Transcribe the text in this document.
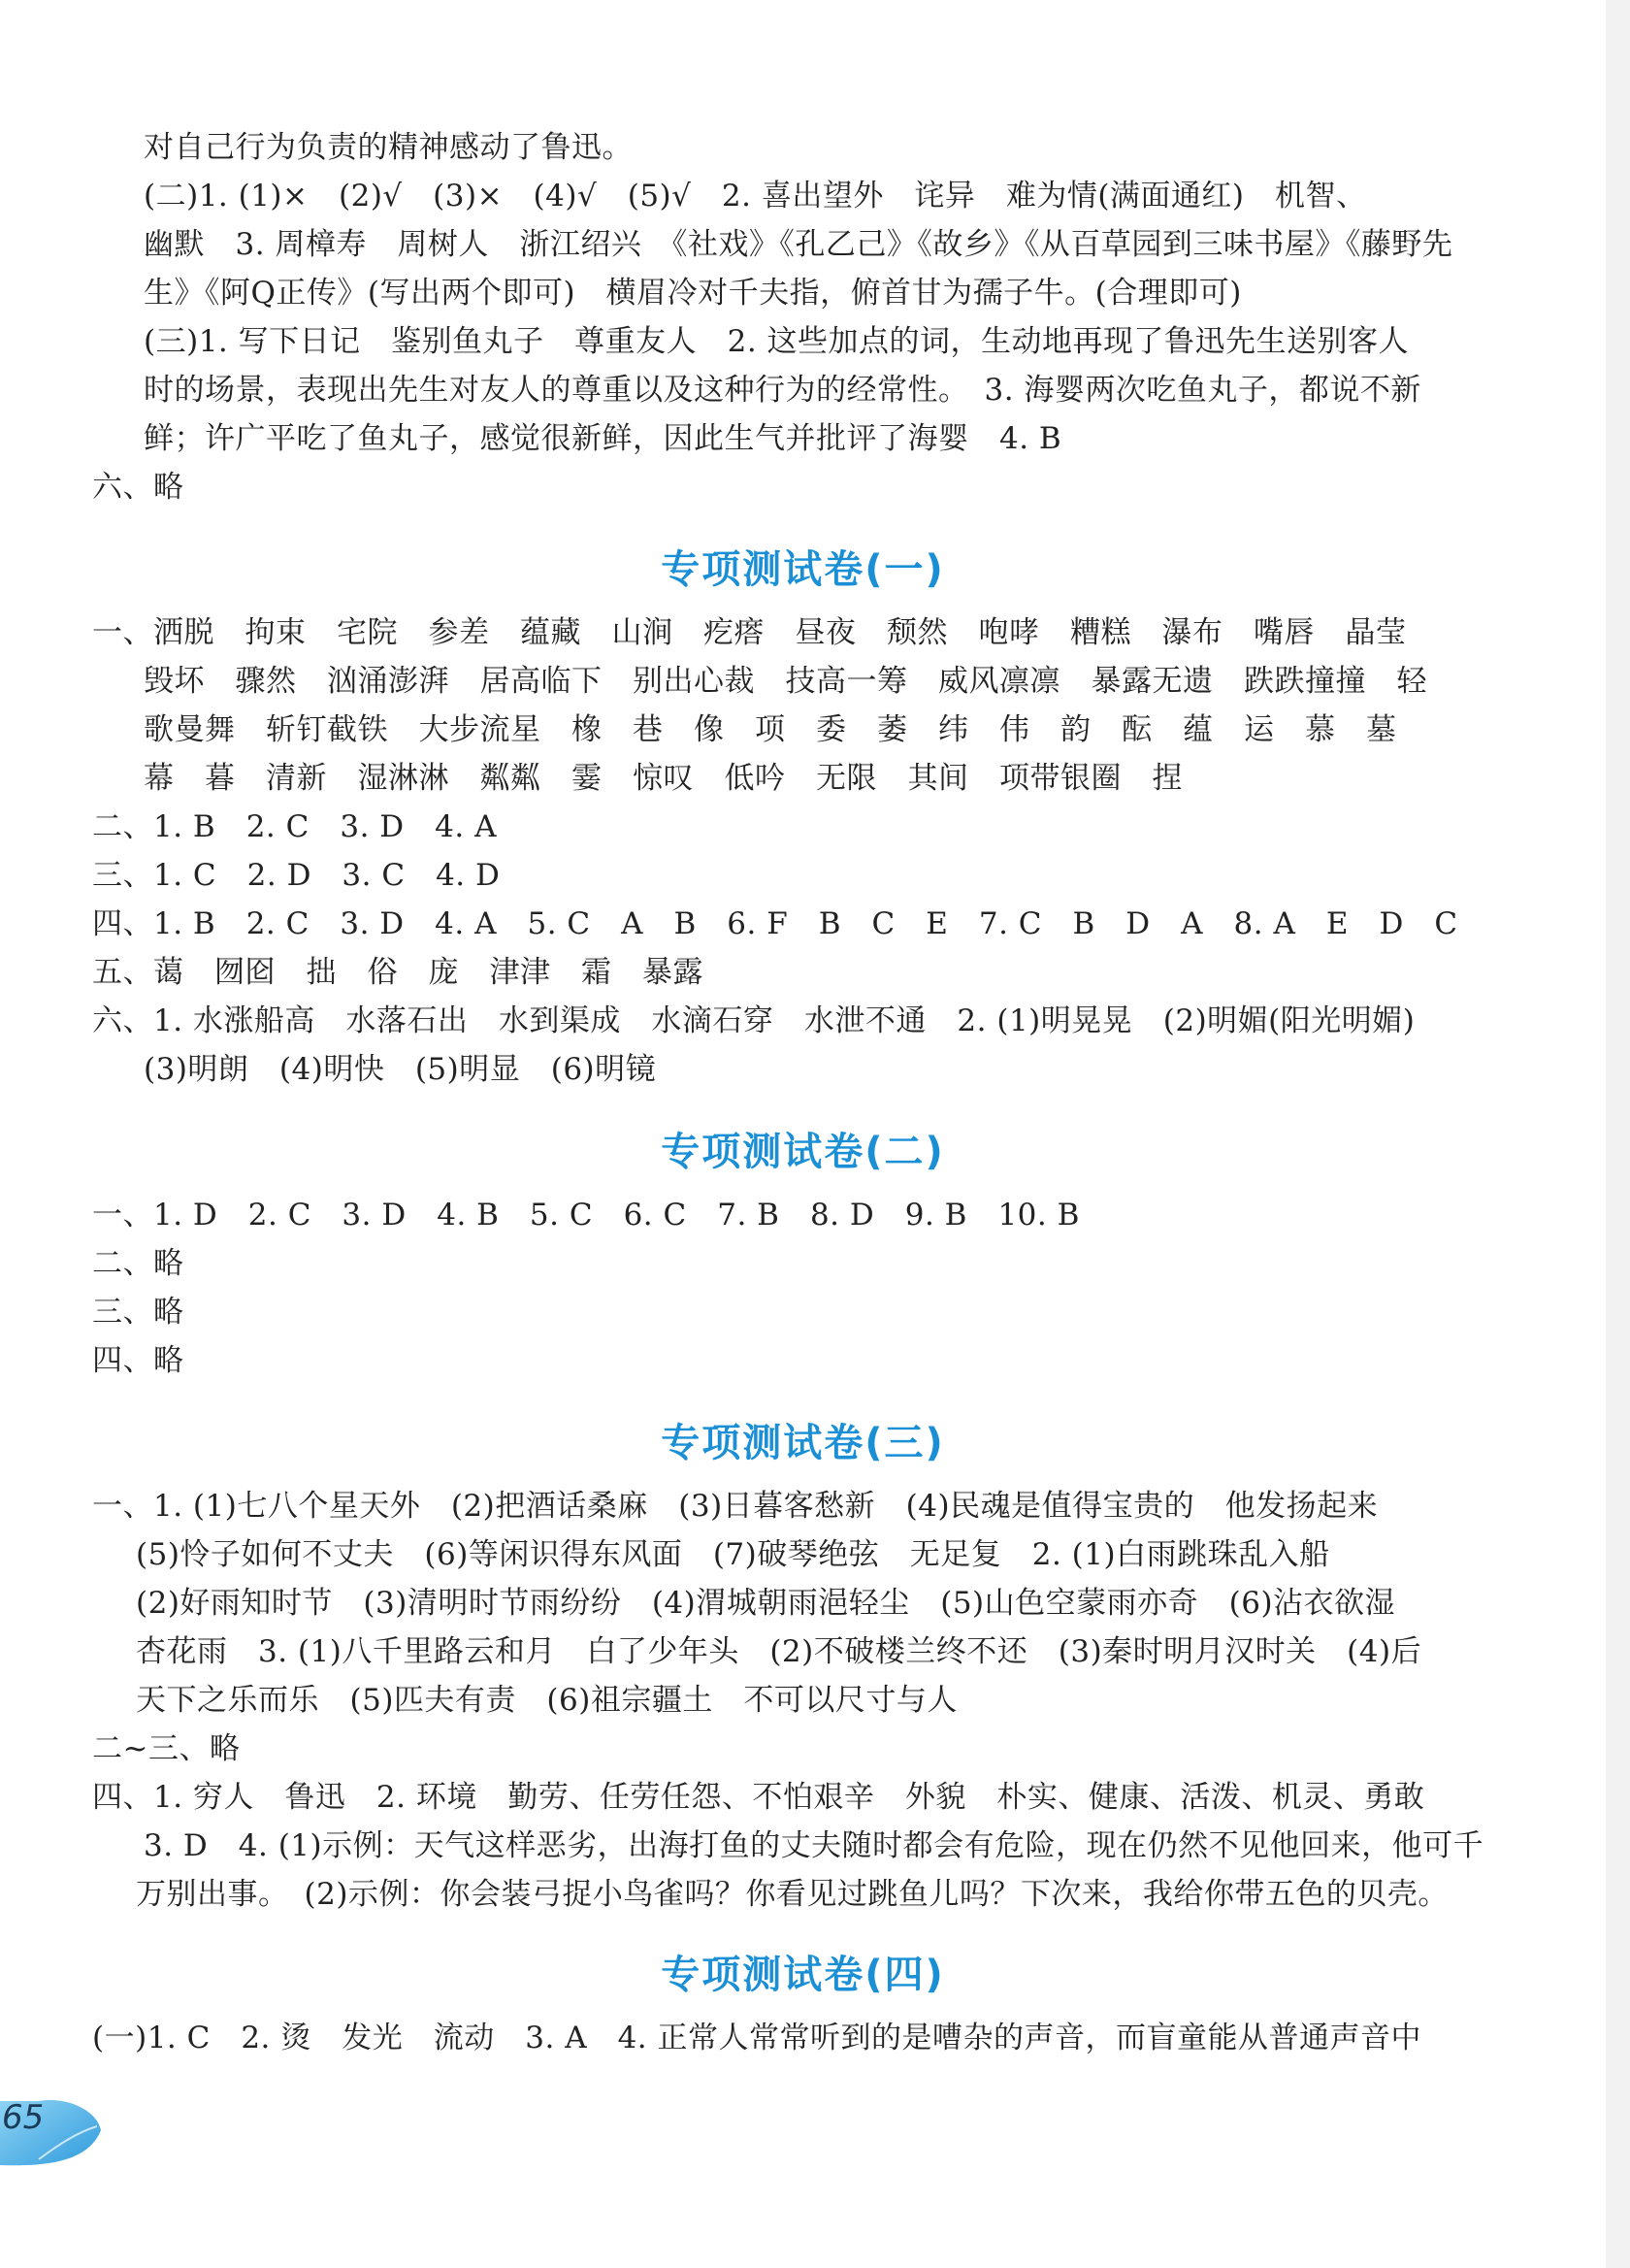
对自己行为负责的精神感动了鲁迅。
(二)1. (1)×　(2)√　(3)×　(4)√　(5)√　2. 喜出望外　诧异　难为情(满面通红)　机智、
幽默　3. 周樟寿　周树人　浙江绍兴　《社戏》《孔乙己》《故乡》《从百草园到三味书屋》《藤野先
生》《阿Q正传》(写出两个即可)　横眉冷对千夫指，俯首甘为孺子牛。(合理即可)
(三)1. 写下日记　鉴别鱼丸子　尊重友人　2. 这些加点的词，生动地再现了鲁迅先生送别客人
时的场景，表现出先生对友人的尊重以及这种行为的经常性。　3. 海婴两次吃鱼丸子，都说不新
鲜；许广平吃了鱼丸子，感觉很新鲜，因此生气并批评了海婴　4. B
六、略
专项测试卷(一)
一、洒脱　拘束　宅院　参差　蕴藏　山涧　疙瘩　昼夜　颓然　咆哮　糟糕　瀑布　嘴唇　晶莹
毁坏　骤然　汹涌澎湃　居高临下　别出心裁　技高一筹　威风凛凛　暴露无遗　跌跌撞撞　轻
歌曼舞　斩钉截铁　大步流星　橡　巷　像　项　委　萎　纬　伟　韵　酝　蕴　运　慕　墓
幕　暮　清新　湿淋淋　粼粼　霎　惊叹　低吟　无限　其间　项带银圈　捏
二、1. B　2. C　3. D　4. A
三、1. C　2. D　3. C　4. D
四、1. B　2. C　3. D　4. A　5. C　A　B　6. F　B　C　E　7. C　B　D　A　8. A　E　D　C
五、蔼　囫囵　拙　俗　庞　津津　霜　暴露
六、1. 水涨船高　水落石出　水到渠成　水滴石穿　水泄不通　2. (1)明晃晃　(2)明媚(阳光明媚)
(3)明朗　(4)明快　(5)明显　(6)明镜
专项测试卷(二)
一、1. D　2. C　3. D　4. B　5. C　6. C　7. B　8. D　9. B　10. B
二、略
三、略
四、略
专项测试卷(三)
一、1. (1)七八个星天外　(2)把酒话桑麻　(3)日暮客愁新　(4)民魂是值得宝贵的　他发扬起来
(5)怜子如何不丈夫　(6)等闲识得东风面　(7)破琴绝弦　无足复　2. (1)白雨跳珠乱入船
(2)好雨知时节　(3)清明时节雨纷纷　(4)渭城朝雨浥轻尘　(5)山色空蒙雨亦奇　(6)沾衣欲湿
杏花雨　3. (1)八千里路云和月　白了少年头　(2)不破楼兰终不还　(3)秦时明月汉时关　(4)后
天下之乐而乐　(5)匹夫有责　(6)祖宗疆土　不可以尺寸与人
二~三、略
四、1. 穷人　鲁迅　2. 环境　勤劳、任劳任怨、不怕艰辛　外貌　朴实、健康、活泼、机灵、勇敢
3. D　4. (1)示例：天气这样恶劣，出海打鱼的丈夫随时都会有危险，现在仍然不见他回来，他可千
万别出事。　(2)示例：你会装弓捉小鸟雀吗？你看见过跳鱼儿吗？下次来，我给你带五色的贝壳。
专项测试卷(四)
(一)1. C　2. 烫　发光　流动　3. A　4. 正常人常常听到的是嘈杂的声音，而盲童能从普通声音中
65
